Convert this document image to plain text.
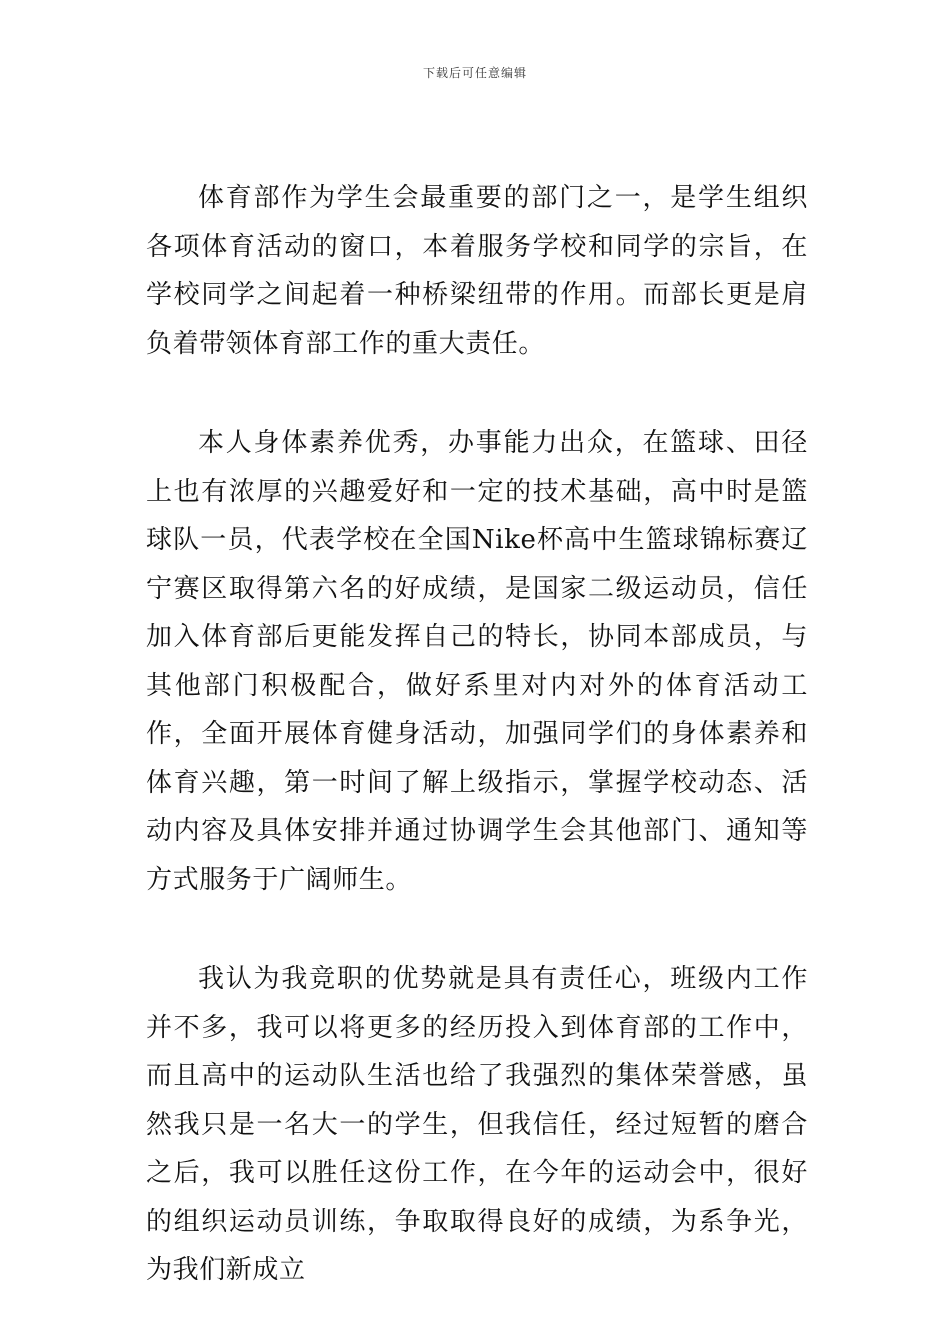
下载后可任意编辑

体育部作为学生会最重要的部门之一，是学生组织各项体育活动的窗口，本着服务学校和同学的宗旨，在学校同学之间起着一种桥梁纽带的作用。而部长更是肩负着带领体育部工作的重大责任。

本人身体素养优秀，办事能力出众，在篮球、田径上也有浓厚的兴趣爱好和一定的技术基础，高中时是篮球队一员，代表学校在全国Nike杯高中生篮球锦标赛辽宁赛区取得第六名的好成绩，是国家二级运动员，信任加入体育部后更能发挥自己的特长，协同本部成员，与其他部门积极配合，做好系里对内对外的体育活动工作，全面开展体育健身活动，加强同学们的身体素养和体育兴趣，第一时间了解上级指示，掌握学校动态、活动内容及具体安排并通过协调学生会其他部门、通知等方式服务于广阔师生。

我认为我竞职的优势就是具有责任心，班级内工作并不多，我可以将更多的经历投入到体育部的工作中，而且高中的运动队生活也给了我强烈的集体荣誉感，虽然我只是一名大一的学生，但我信任，经过短暂的磨合之后，我可以胜任这份工作，在今年的运动会中，很好的组织运动员训练，争取取得良好的成绩，为系争光，为我们新成立
